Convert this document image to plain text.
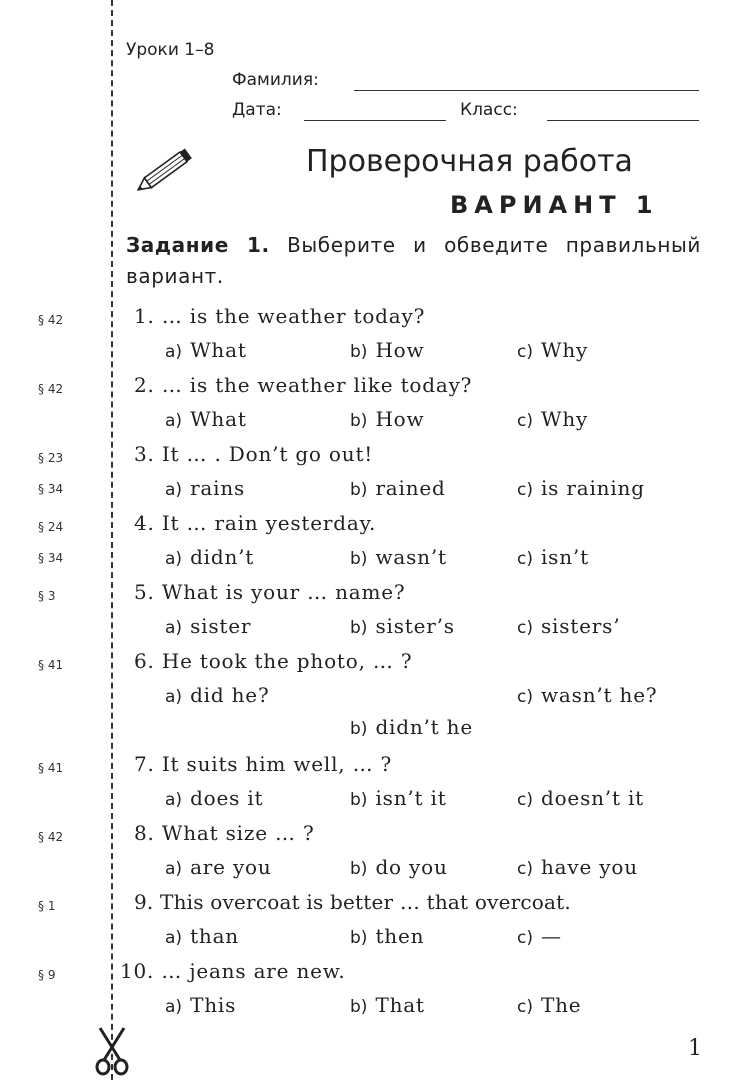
Уроки 1–8
Фамилия:
Дата:	Класс:
Проверочная работа
ВАРИАНТ 1
Задание 1. Выберите и обведите правильный вариант.
§ 42	1. … is the weather today?
a) What	b) How	c) Why
§ 42	2. … is the weather like today?
a) What	b) How	c) Why
§ 23
§ 34
3. It … . Don’t go out!
a) rains	b) rained	c) is raining
§ 24
§ 34
4. It … rain yesterday.
a) didn’t	b) wasn’t	c) isn’t
§ 3	5. What is your … name?
a) sister	b) sister’s	c) sisters’
§ 41	6. He took the photo, … ?
a) did he?	c) wasn’t he?
b) didn’t he
§ 41	7. It suits him well, … ?
a) does it	b) isn’t it	c) doesn’t it
§ 42	8. What size … ?
a) are you	b) do you	c) have you
§ 1	9. This overcoat is better … that overcoat.
a) than	b) then	c) —
§ 9	10. … jeans are new.
a) This	b) That	c) The
1
